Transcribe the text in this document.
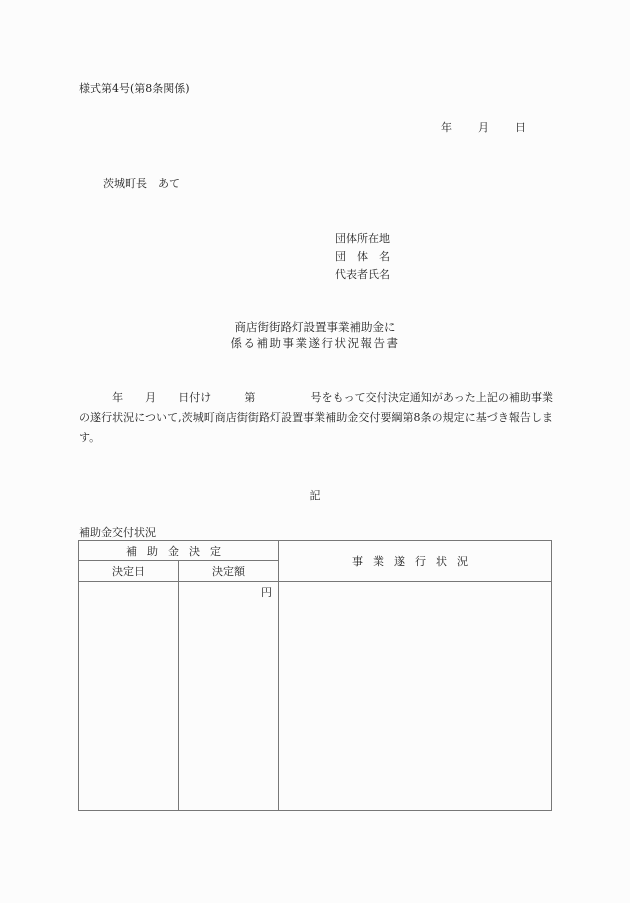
様式第4号(第8条関係)
年 月 日
茨城町長　あて
団体所在地
団　体　名
代表者氏名
商店街街路灯設置事業補助金に
係る補助事業遂行状況報告書
　　　年　　月　　日付け　　　第　　　　　号をもって交付決定通知があった上記の補助事業の遂行状況について,茨城町商店街街路灯設置事業補助金交付要綱第8条の規定に基づき報告します。
記
補助金交付状況
補助金決定		事業遂行状況
決定日	決定額	
	円	
